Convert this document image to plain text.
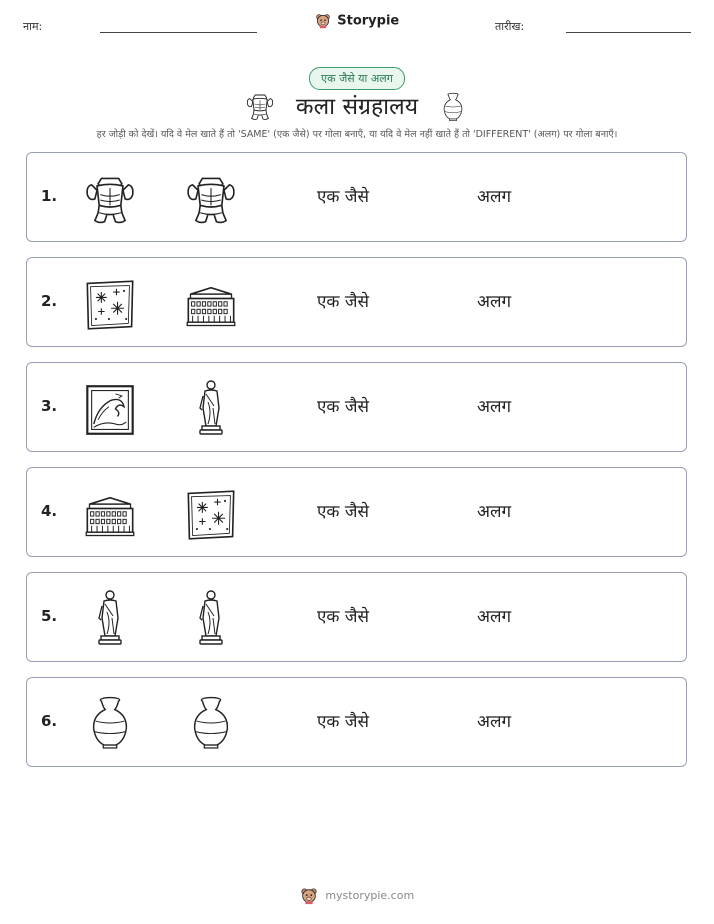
नाम:	Storypie	तारीख:
एक जैसे या अलग
कला संग्रहालय
हर जोड़ी को देखें। यदि वे मेल खाते हैं तो 'SAME' (एक जैसे) पर गोला बनाएँ, या यदि वे मेल नहीं खाते हैं तो 'DIFFERENT' (अलग) पर गोला बनाएँ।
1.	एक जैसे	अलग
2.	एक जैसे	अलग
3.	एक जैसे	अलग
4.	एक जैसे	अलग
5.	एक जैसे	अलग
6.	एक जैसे	अलग
mystorypie.com
